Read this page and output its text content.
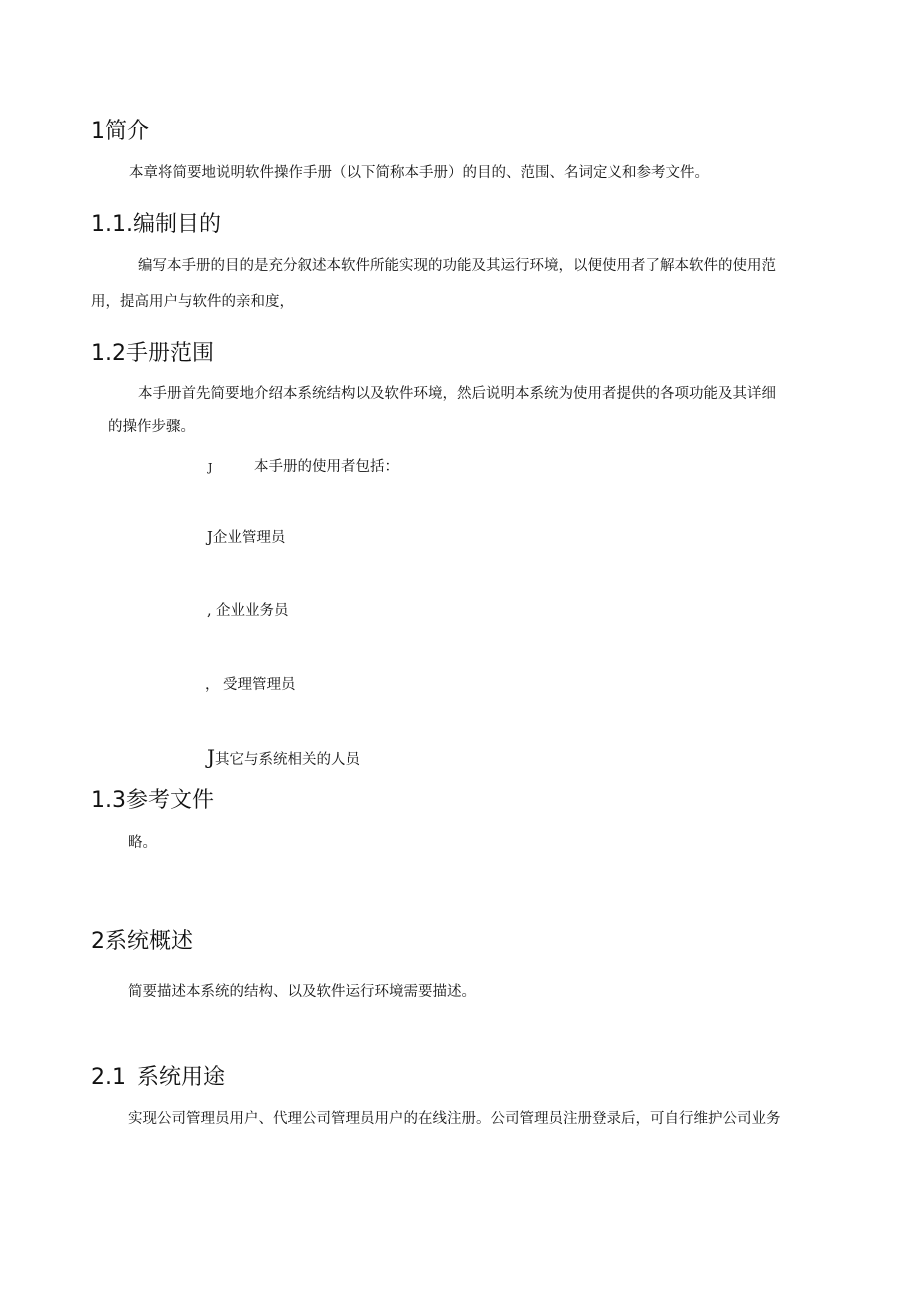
1简介
本章将简要地说明软件操作手册（以下简称本手册）的目的、范围、名词定义和参考文件。
1.1.编制目的
编写本手册的目的是充分叙述本软件所能实现的功能及其运行环境，以便使用者了解本软件的使用范
用，提高用户与软件的亲和度，
1.2手册范围
本手册首先简要地介绍本系统结构以及软件环境，然后说明本系统为使用者提供的各项功能及其详细
的操作步骤。
J	本手册的使用者包括：
J企业管理员
, 企业业务员
， 受理管理员
J其它与系统相关的人员
1.3参考文件
略。
2系统概述
简要描述本系统的结构、以及软件运行环境需要描述。
2.1 系统用途
实现公司管理员用户、代理公司管理员用户的在线注册。公司管理员注册登录后，可自行维护公司业务
